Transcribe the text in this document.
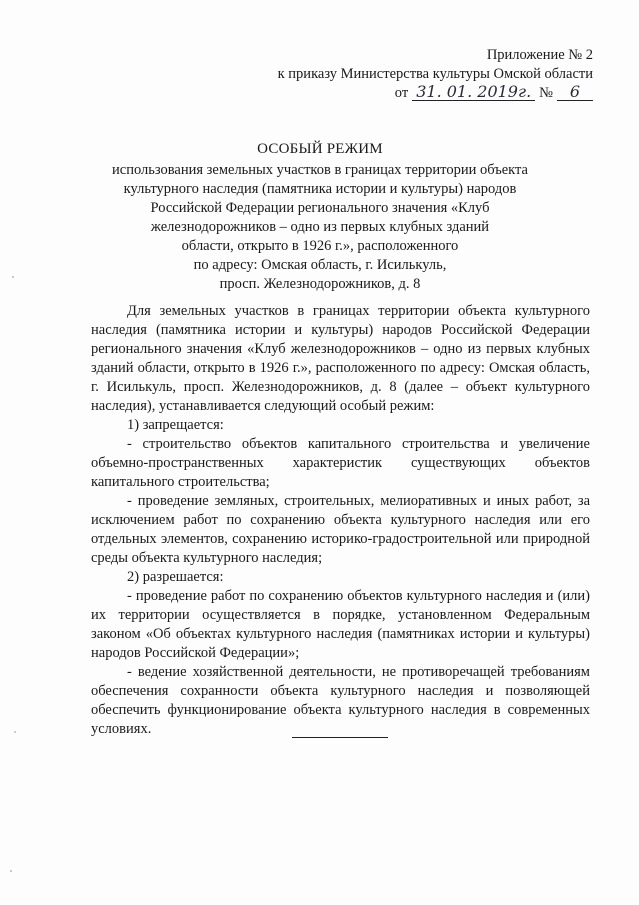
Приложение № 2
к приказу Министерства культуры Омской области
от 31. 01. 2019г. №	6
ОСОБЫЙ РЕЖИМ
использования земельных участков в границах территории объекта
культурного наследия (памятника истории и культуры) народов
Российской Федерации регионального значения «Клуб
железнодорожников – одно из первых клубных зданий
области, открыто в 1926 г.», расположенного
по адресу: Омская область, г. Исилькуль,
просп. Железнодорожников, д. 8

Для земельных участков в границах территории объекта культурного наследия (памятника истории и культуры) народов Российской Федерации регионального значения «Клуб железнодорожников – одно из первых клубных зданий области, открыто в 1926 г.», расположенного по адресу: Омская область, г. Исилькуль, просп. Железнодорожников, д. 8 (далее – объект культурного наследия), устанавливается следующий особый режим:

1) запрещается:

- строительство объектов капитального строительства и увеличение объемно-пространственных характеристик существующих объектов капитального строительства;

- проведение земляных, строительных, мелиоративных и иных работ, за исключением работ по сохранению объекта культурного наследия или его отдельных элементов, сохранению историко-градостроительной или природной среды объекта культурного наследия;

2) разрешается:

- проведение работ по сохранению объектов культурного наследия и (или) их территории осуществляется в порядке, установленном Федеральным законом «Об объектах культурного наследия (памятниках истории и культуры) народов Российской Федерации»;

- ведение хозяйственной деятельности, не противоречащей требованиям обеспечения сохранности объекта культурного наследия и позволяющей обеспечить функционирование объекта культурного наследия в современных условиях.
